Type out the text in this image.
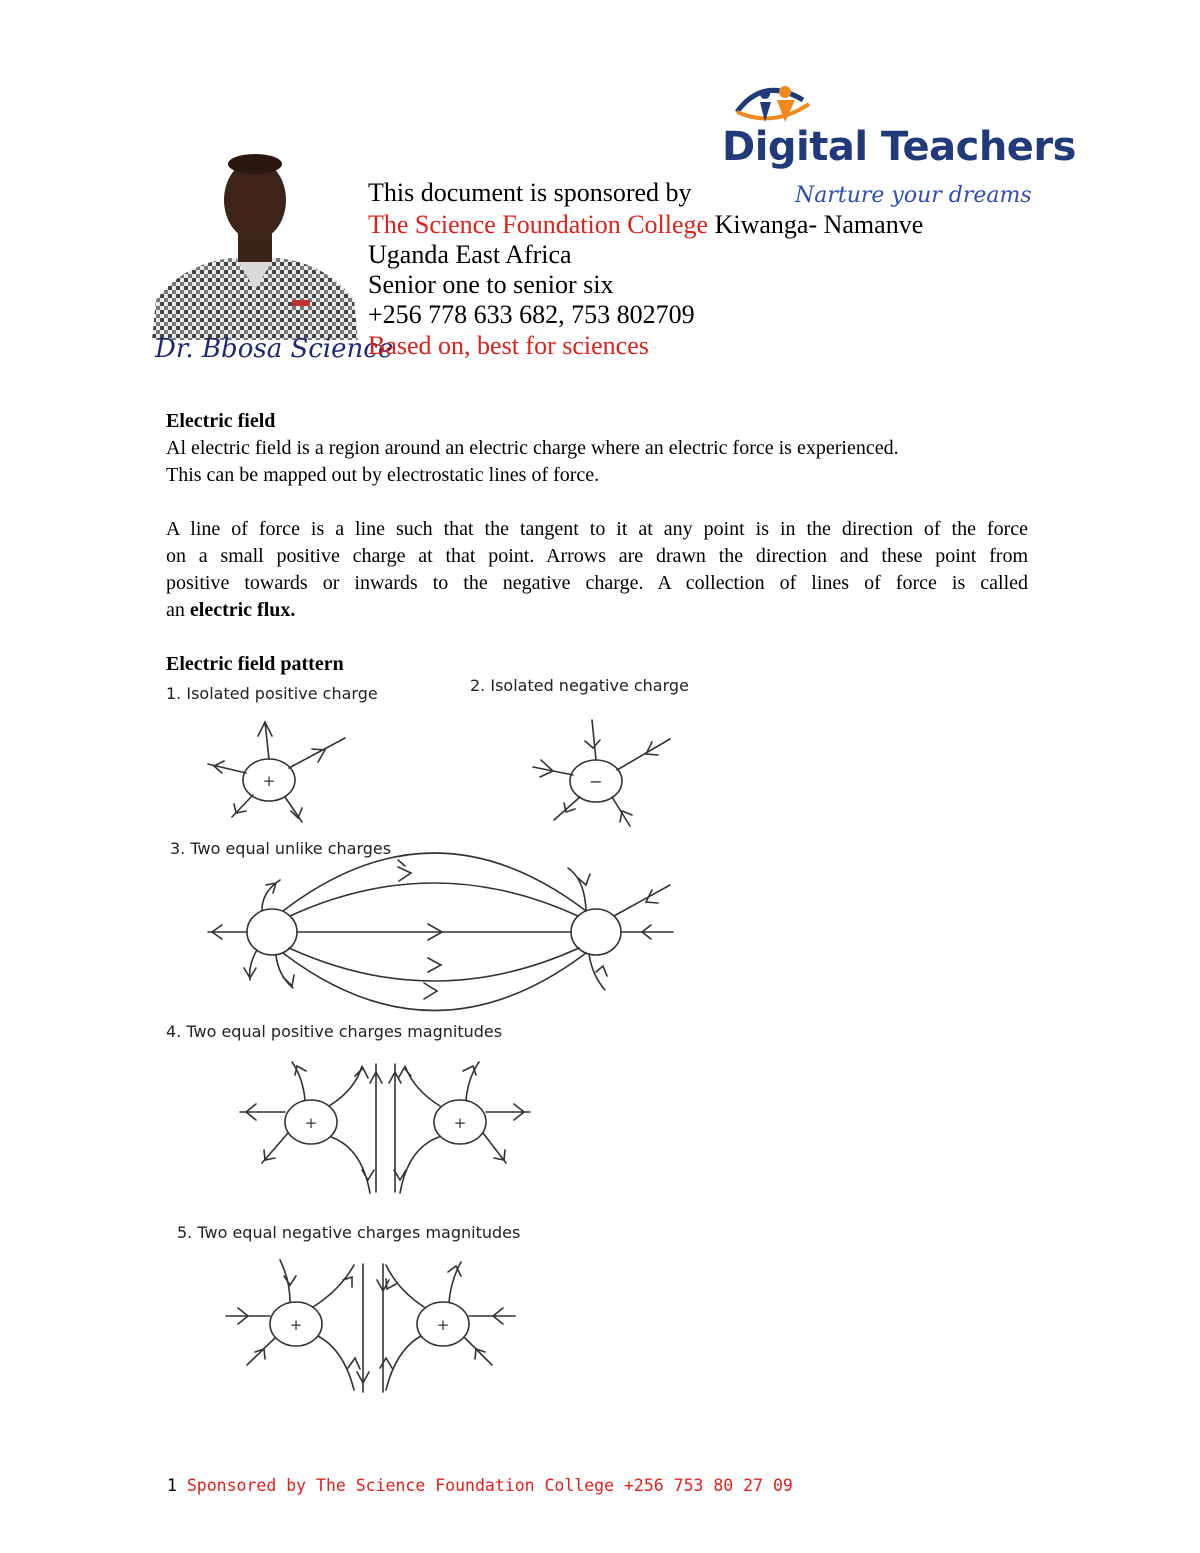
Dr. Bbosa Science
Digital Teachers
Narture your dreams
This document is sponsored by
The Science Foundation College Kiwanga- Namanve
Uganda East Africa
Senior one to senior six
+256 778 633 682, 753 802709
Based on, best for sciences
Electric field
Al electric field is a region around an electric charge where an electric force is experienced.
This can be mapped out by electrostatic lines of force.
A line of force is a line such that the tangent to it at any point is in the direction of the force
on a small positive charge at that point. Arrows are drawn the direction and these point from
positive towards or inwards to the negative charge. A collection of lines of force is called
an electric flux.
Electric field pattern
1. Isolated positive charge	2. Isolated negative charge
3. Two equal unlike charges
4. Two equal positive charges magnitudes
5. Two equal negative charges magnitudes
+	−
+	+
+	+
1 Sponsored by The Science Foundation College +256 753 80 27 09
